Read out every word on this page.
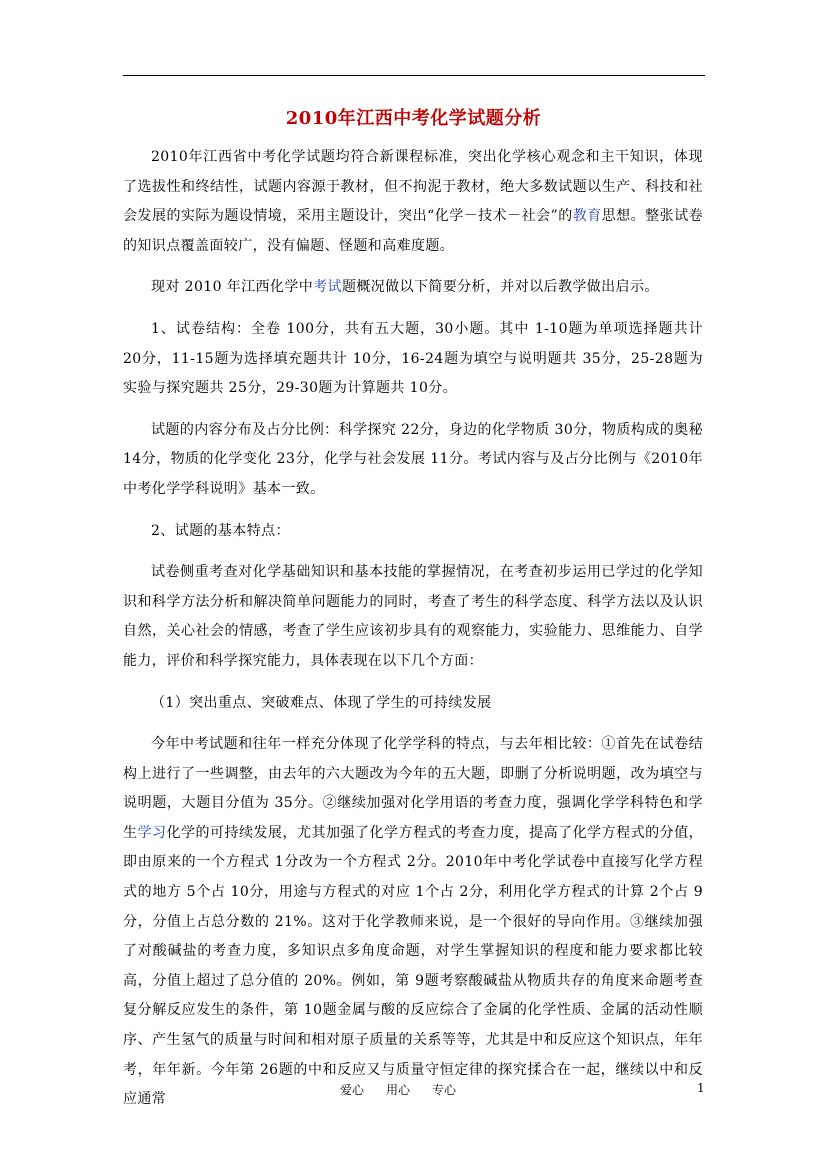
2010年江西中考化学试题分析

2010年江西省中考化学试题均符合新课程标准，突出化学核心观念和主干知识，体现了选拔性和终结性，试题内容源于教材，但不拘泥于教材，绝大多数试题以生产、科技和社会发展的实际为题设情境，采用主题设计，突出“化学－技术－社会”的教育思想。整张试卷的知识点覆盖面较广，没有偏题、怪题和高难度题。

现对 2010 年江西化学中考试题概况做以下简要分析，并对以后教学做出启示。

1、试卷结构：全卷 100分，共有五大题，30小题。其中 1-10题为单项选择题共计 20分，11-15题为选择填充题共计 10分，16-24题为填空与说明题共 35分，25-28题为实验与探究题共 25分，29-30题为计算题共 10分。

试题的内容分布及占分比例：科学探究 22分，身边的化学物质 30分，物质构成的奥秘 14分，物质的化学变化 23分，化学与社会发展 11分。考试内容与及占分比例与《2010年中考化学学科说明》基本一致。

2、试题的基本特点：

试卷侧重考查对化学基础知识和基本技能的掌握情况，在考查初步运用已学过的化学知识和科学方法分析和解决简单问题能力的同时，考查了考生的科学态度、科学方法以及认识自然，关心社会的情感，考查了学生应该初步具有的观察能力，实验能力、思维能力、自学能力，评价和科学探究能力，具体表现在以下几个方面：

（1）突出重点、突破难点、体现了学生的可持续发展

今年中考试题和往年一样充分体现了化学学科的特点，与去年相比较：①首先在试卷结构上进行了一些调整，由去年的六大题改为今年的五大题，即删了分析说明题，改为填空与说明题，大题目分值为 35分。②继续加强对化学用语的考查力度，强调化学学科特色和学生学习化学的可持续发展，尤其加强了化学方程式的考查力度，提高了化学方程式的分值，即由原来的一个方程式 1分改为一个方程式 2分。2010年中考化学试卷中直接写化学方程式的地方 5个占 10分，用途与方程式的对应 1个占 2分，利用化学方程式的计算 2个占 9分，分值上占总分数的 21%。这对于化学教师来说，是一个很好的导向作用。③继续加强了对酸碱盐的考查力度，多知识点多角度命题，对学生掌握知识的程度和能力要求都比较高，分值上超过了总分值的 20%。例如，第 9题考察酸碱盐从物质共存的角度来命题考查复分解反应发生的条件，第 10题金属与酸的反应综合了金属的化学性质、金属的活动性顺序、产生氢气的质量与时间和相对原子质量的关系等等，尤其是中和反应这个知识点，年年考，年年新。今年第 26题的中和反应又与质量守恒定律的探究揉合在一起，继续以中和反应通常

爱心 用心 专心	1
